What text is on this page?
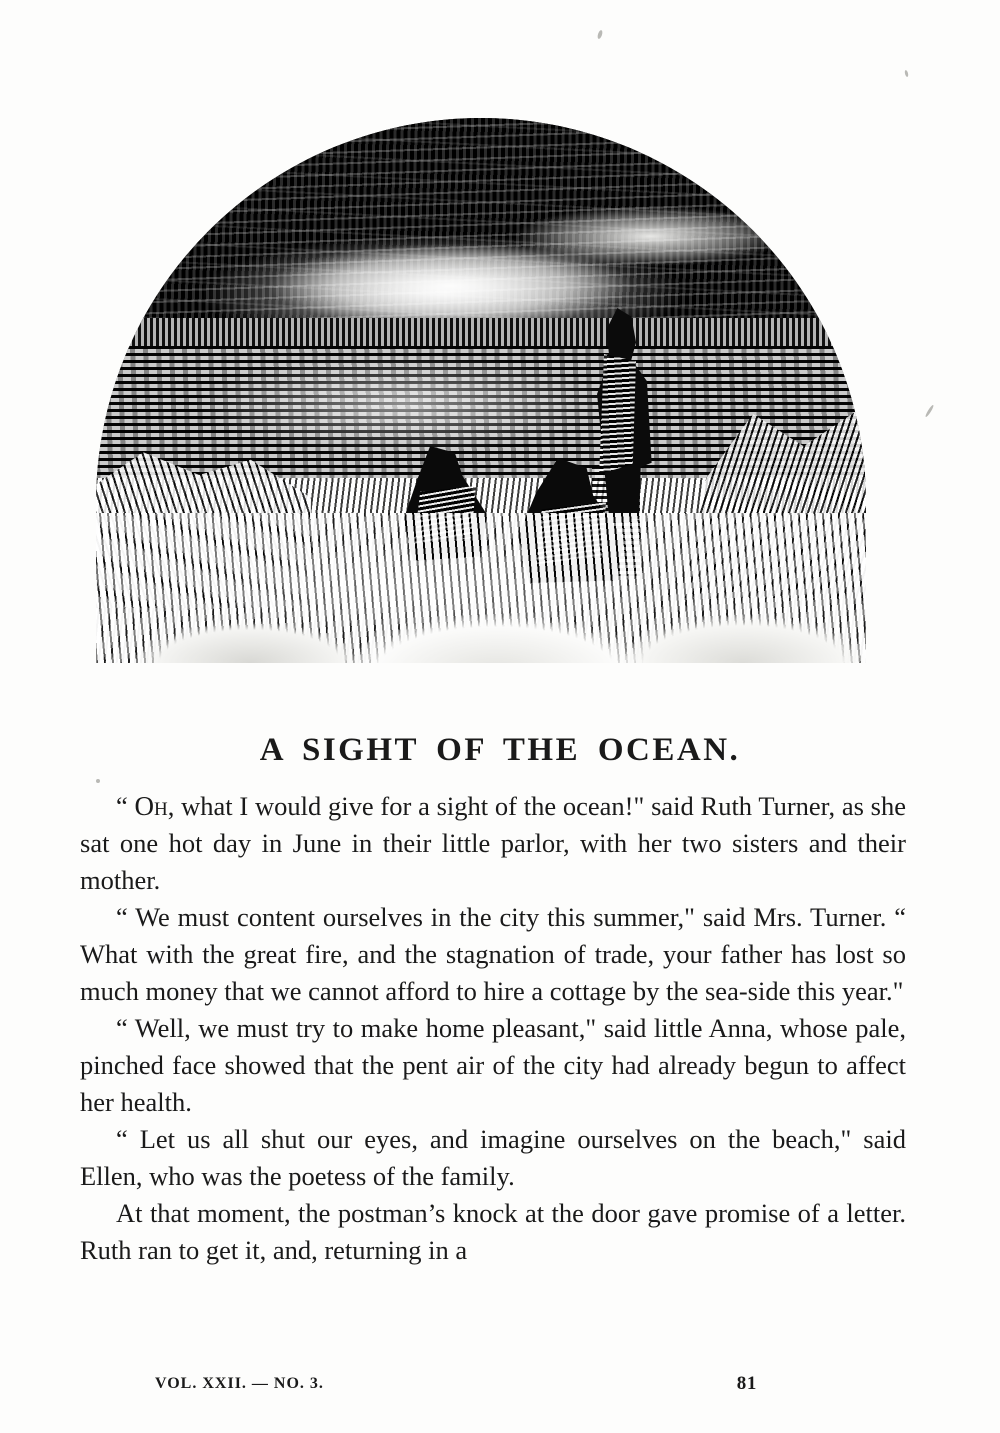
A SIGHT OF THE OCEAN.

“ Oh, what I would give for a sight of the ocean!" said Ruth Turner, as she sat one hot day in June in their little parlor, with her two sisters and their mother.

“ We must content ourselves in the city this summer," said Mrs. Turner. “ What with the great fire, and the stagnation of trade, your father has lost so much money that we cannot afford to hire a cottage by the sea-side this year."

“ Well, we must try to make home pleasant," said little Anna, whose pale, pinched face showed that the pent air of the city had already begun to affect her health.

“ Let us all shut our eyes, and imagine ourselves on the beach," said Ellen, who was the poetess of the family.

At that moment, the postman’s knock at the door gave promise of a letter. Ruth ran to get it, and, returning in a

VOL. XXII. — NO. 3.	81
